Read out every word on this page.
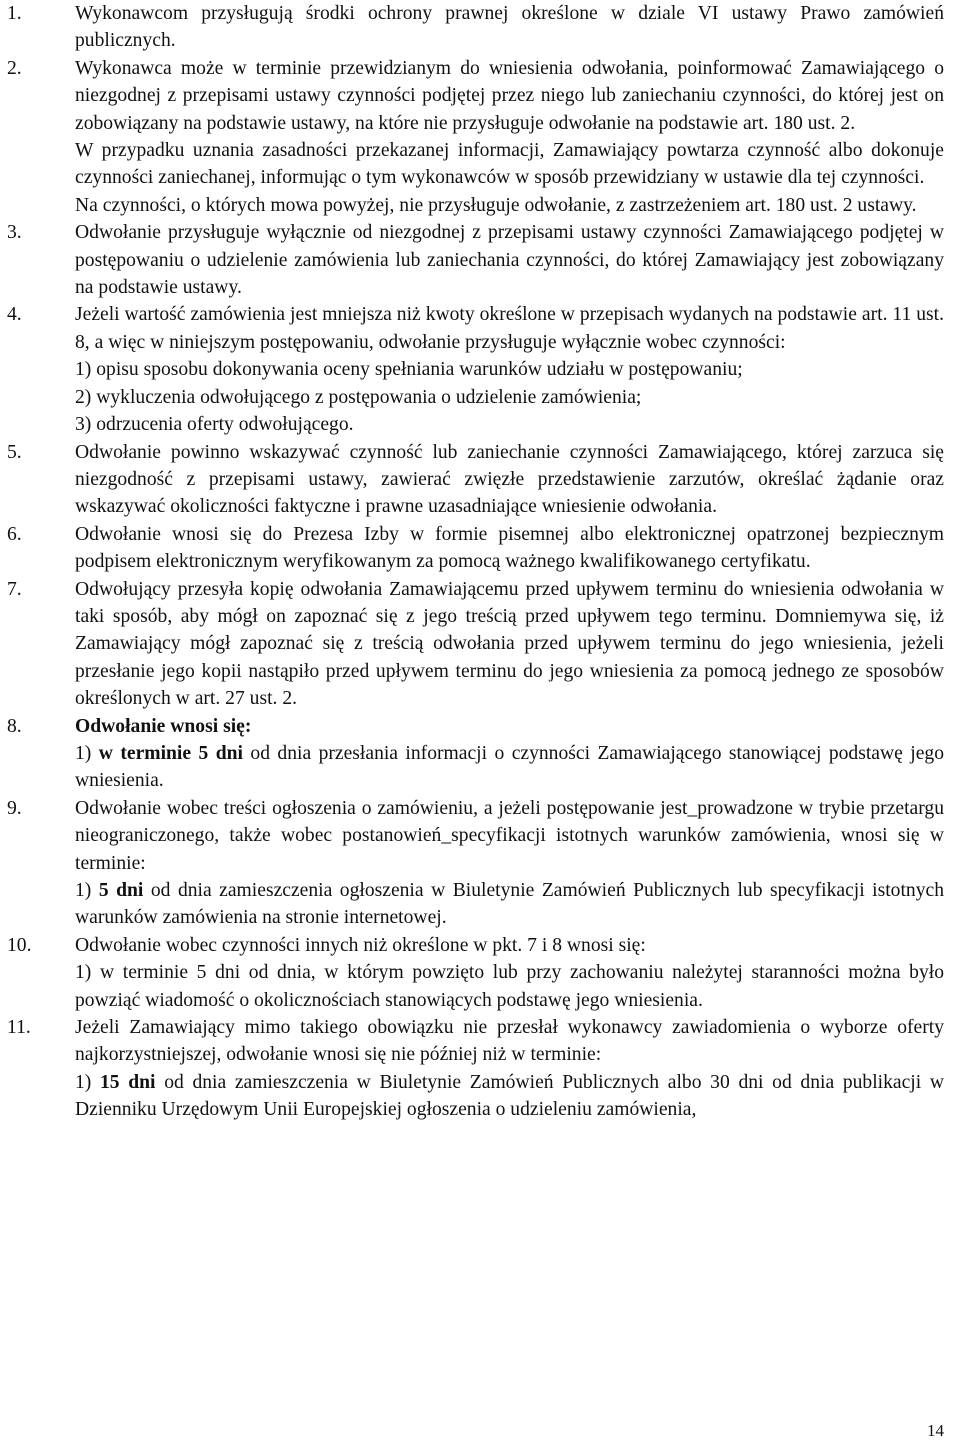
1.	Wykonawcom przysługują środki ochrony prawnej określone w dziale VI ustawy Prawo zamówień publicznych.

2.	Wykonawca może w terminie przewidzianym do wniesienia odwołania, poinformować Zamawiającego o niezgodnej z przepisami ustawy czynności podjętej przez niego lub zaniechaniu czynności, do której jest on zobowiązany na podstawie ustawy, na które nie przysługuje odwołanie na podstawie art. 180 ust. 2.

W przypadku uznania zasadności przekazanej informacji, Zamawiający powtarza czynność albo dokonuje czynności zaniechanej, informując o tym wykonawców w sposób przewidziany w ustawie dla tej czynności.

Na czynności, o których mowa powyżej, nie przysługuje odwołanie, z zastrzeżeniem art. 180 ust. 2 ustawy.

3.	Odwołanie przysługuje wyłącznie od niezgodnej z przepisami ustawy czynności Zamawiającego podjętej w postępowaniu o udzielenie zamówienia lub zaniechania czynności, do której Zamawiający jest zobowiązany na podstawie ustawy.

4.	Jeżeli wartość zamówienia jest mniejsza niż kwoty określone w przepisach wydanych na podstawie art. 11 ust. 8, a więc w niniejszym postępowaniu, odwołanie przysługuje wyłącznie wobec czynności:

1) opisu sposobu dokonywania oceny spełniania warunków udziału w postępowaniu;

2) wykluczenia odwołującego z postępowania o udzielenie zamówienia;

3) odrzucenia oferty odwołującego.

5.	Odwołanie powinno wskazywać czynność lub zaniechanie czynności Zamawiającego, której zarzuca się niezgodność z przepisami ustawy, zawierać zwięzłe przedstawienie zarzutów, określać żądanie oraz wskazywać okoliczności faktyczne i prawne uzasadniające wniesienie odwołania.

6.	Odwołanie wnosi się do Prezesa Izby w formie pisemnej albo elektronicznej opatrzonej bezpiecznym podpisem elektronicznym weryfikowanym za pomocą ważnego kwalifikowanego certyfikatu.

7.	Odwołujący przesyła kopię odwołania Zamawiającemu przed upływem terminu do wniesienia odwołania w taki sposób, aby mógł on zapoznać się z jego treścią przed upływem tego terminu. Domniemywa się, iż Zamawiający mógł zapoznać się z treścią odwołania przed upływem terminu do jego wniesienia, jeżeli przesłanie jego kopii nastąpiło przed upływem terminu do jego wniesienia za pomocą jednego ze sposobów określonych w art. 27 ust. 2.

8.	Odwołanie wnosi się:

1) w terminie 5 dni od dnia przesłania informacji o czynności Zamawiającego stanowiącej podstawę jego wniesienia.

9.	Odwołanie wobec treści ogłoszenia o zamówieniu, a jeżeli postępowanie jest_prowadzone w trybie przetargu nieograniczonego, także wobec postanowień_specyfikacji istotnych warunków zamówienia, wnosi się w terminie:

1) 5 dni od dnia zamieszczenia ogłoszenia w Biuletynie Zamówień Publicznych lub specyfikacji istotnych warunków zamówienia na stronie internetowej.

10. Odwołanie wobec czynności innych niż określone w pkt. 7 i 8 wnosi się:

1) w terminie 5 dni od dnia, w którym powzięto lub przy zachowaniu należytej staranności można było powziąć wiadomość o okolicznościach stanowiących podstawę jego wniesienia.

11. Jeżeli Zamawiający mimo takiego obowiązku nie przesłał wykonawcy zawiadomienia o wyborze oferty najkorzystniejszej, odwołanie wnosi się nie później niż w terminie:

1) 15 dni od dnia zamieszczenia w Biuletynie Zamówień Publicznych albo 30 dni od dnia publikacji w Dzienniku Urzędowym Unii Europejskiej ogłoszenia o udzieleniu zamówienia,

14
